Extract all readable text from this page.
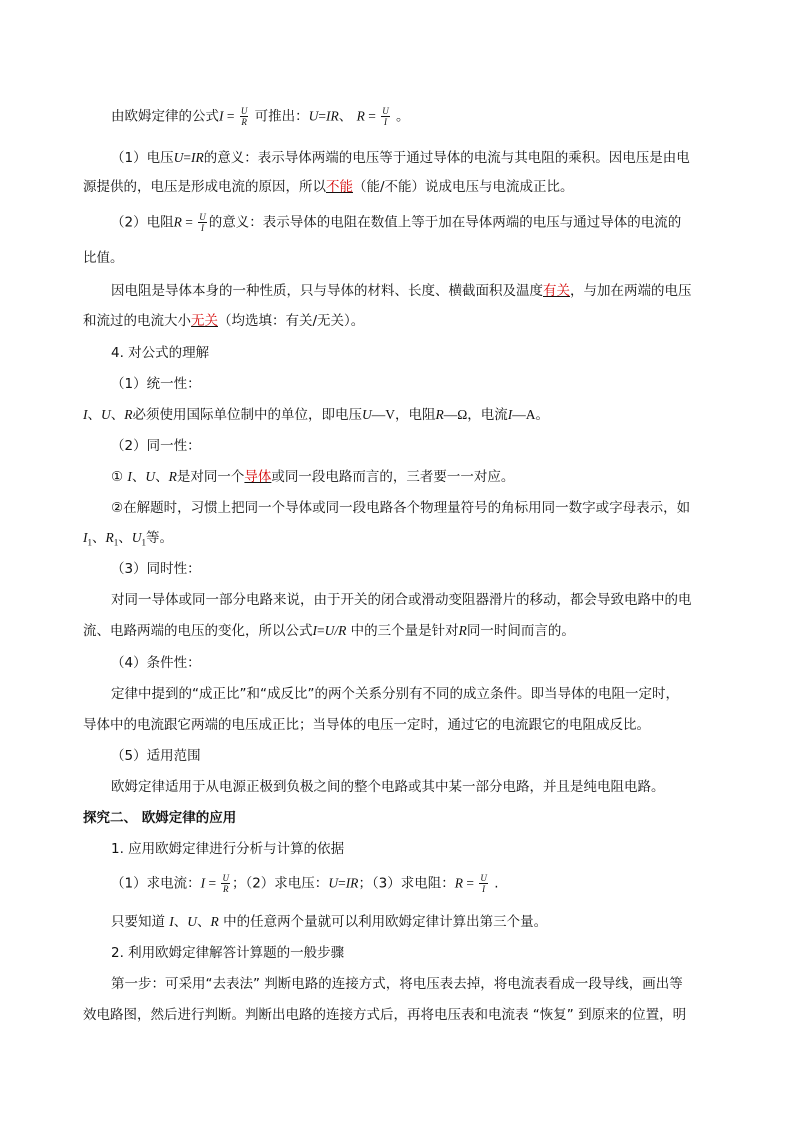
由欧姆定律的公式$I = \frac{U}{R}$ 可推出：U=IR、 $R = \frac{U}{I}$ 。
（1）电压U=IR的意义：表示导体两端的电压等于通过导体的电流与其电阻的乘积。因电压是由电
源提供的，电压是形成电流的原因，所以不能（能/不能）说成电压与电流成正比。
（2）电阻$R = \frac{U}{I}$ 的意义：表示导体的电阻在数值上等于加在导体两端的电压与通过导体的电流的
比值。
因电阻是导体本身的一种性质，只与导体的材料、长度、横截面积及温度有关，与加在两端的电压
和流过的电流大小无关（均选填：有关/无关）。
4. 对公式的理解
（1）统一性：
I、U、R必须使用国际单位制中的单位，即电压U—V，电阻R—Ω，电流I—A。
（2）同一性：
① I、U、R是对同一个导体或同一段电路而言的，三者要一一对应。
②在解题时，习惯上把同一个导体或同一段电路各个物理量符号的角标用同一数字或字母表示，如
$I_1$、$R_1$、$U_1$等。
（3）同时性：
对同一导体或同一部分电路来说，由于开关的闭合或滑动变阻器滑片的移动，都会导致电路中的电
流、电路两端的电压的变化，所以公式I=U/R 中的三个量是针对R同一时间而言的。
（4）条件性：
定律中提到的“成正比”和“成反比”的两个关系分别有不同的成立条件。即当导体的电阻一定时，
导体中的电流跟它两端的电压成正比；当导体的电压一定时，通过它的电流跟它的电阻成反比。
（5）适用范围
欧姆定律适用于从电源正极到负极之间的整个电路或其中某一部分电路，并且是纯电阻电路。
探究二、 欧姆定律的应用
1. 应用欧姆定律进行分析与计算的依据
（1）求电流：$I = \frac{U}{R}$ ；（2）求电压：U=IR；（3）求电阻：$R = \frac{U}{I}$ .
只要知道 I、U、R 中的任意两个量就可以利用欧姆定律计算出第三个量。
2. 利用欧姆定律解答计算题的一般步骤
第一步：可采用“去表法” 判断电路的连接方式，将电压表去掉，将电流表看成一段导线，画出等
效电路图，然后进行判断。判断出电路的连接方式后，再将电压表和电流表 “恢复” 到原来的位置，明
